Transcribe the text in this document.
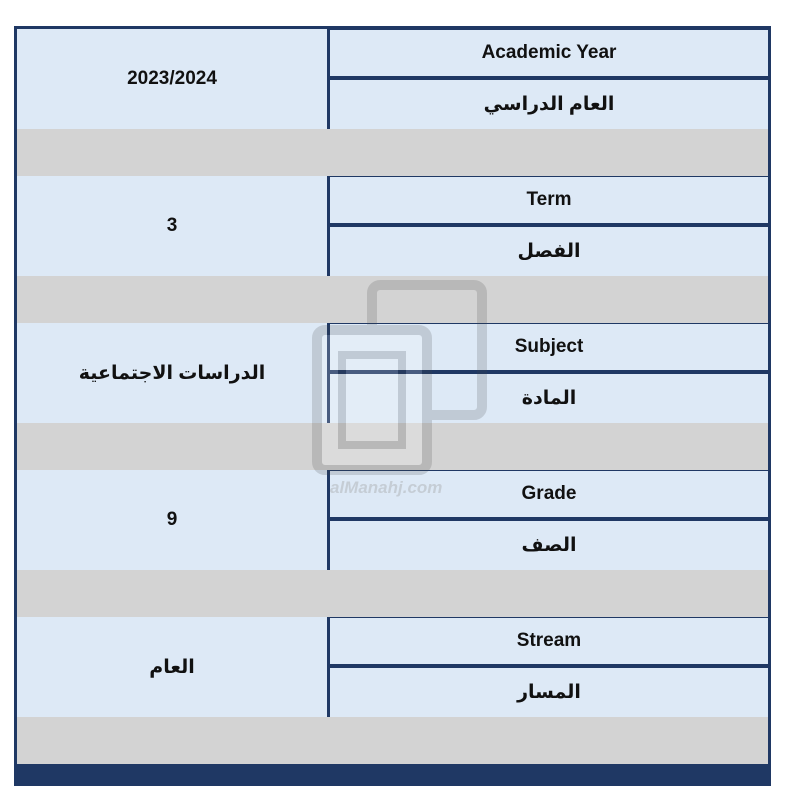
2023/2024	Academic Year

العام الدراسي

3	Term

الفصل

الدراسات الاجتماعية	Subject

المادة

9	Grade

الصف

العام	Stream

المسار

alManahj.com
